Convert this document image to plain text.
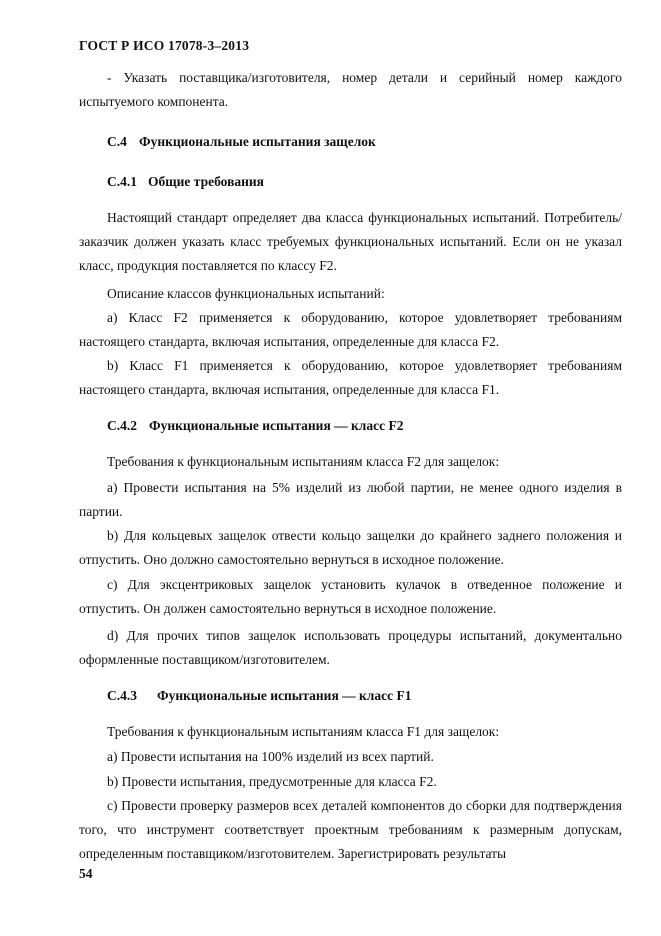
ГОСТ Р ИСО 17078-3–2013

- Указать поставщика/изготовителя, номер детали и серийный номер каждого испытуемого компонента.

С.4 Функциональные испытания защелок
С.4.1 Общие требования

Настоящий стандарт определяет два класса функциональных испытаний. Потребитель/заказчик должен указать класс требуемых функциональных испытаний. Если он не указал класс, продукция поставляется по классу F2.

Описание классов функциональных испытаний:

а) Класс F2 применяется к оборудованию, которое удовлетворяет требованиям настоящего стандарта, включая испытания, определенные для класса F2.

b) Класс F1 применяется к оборудованию, которое удовлетворяет требованиям настоящего стандарта, включая испытания, определенные для класса F1.

С.4.2 Функциональные испытания — класс F2

Требования к функциональным испытаниям класса F2 для защелок:

а) Провести испытания на 5% изделий из любой партии, не менее одного изделия в партии.

b) Для кольцевых защелок отвести кольцо защелки до крайнего заднего положения и отпустить. Оно должно самостоятельно вернуться в исходное положение.

с) Для эксцентриковых защелок установить кулачок в отведенное положение и отпустить. Он должен самостоятельно вернуться в исходное положение.

d) Для прочих типов защелок использовать процедуры испытаний, документально оформленные поставщиком/изготовителем.

С.4.3 Функциональные испытания — класс F1

Требования к функциональным испытаниям класса F1 для защелок:

а) Провести испытания на 100% изделий из всех партий.

b) Провести испытания, предусмотренные для класса F2.

с) Провести проверку размеров всех деталей компонентов до сборки для подтверждения того, что инструмент соответствует проектным требованиям к размерным допускам, определенным поставщиком/изготовителем. Зарегистрировать результаты

54
